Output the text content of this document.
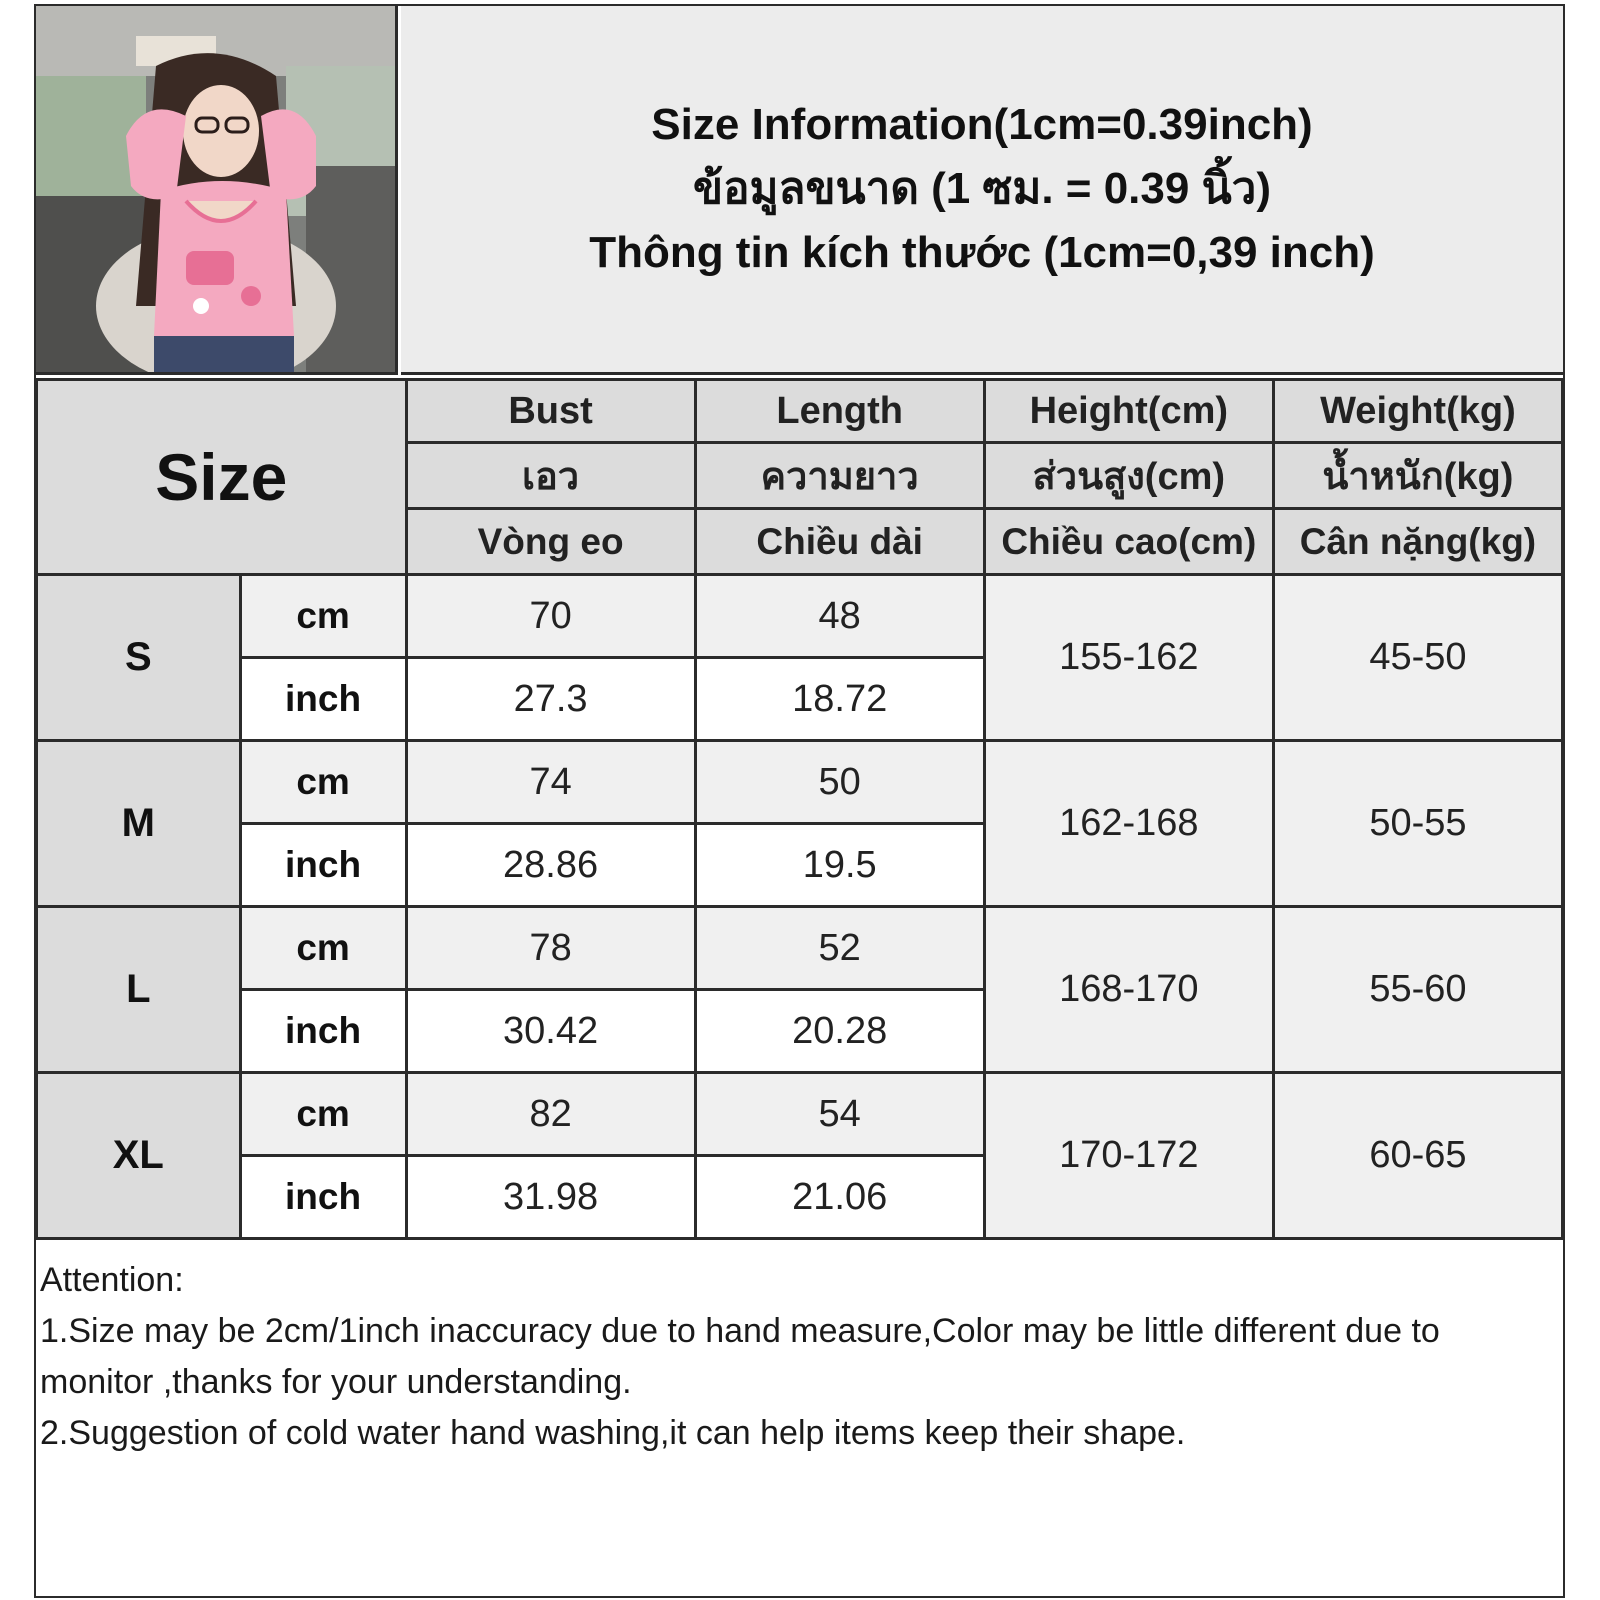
Size Information(1cm=0.39inch)
ข้อมูลขนาด (1 ซม. = 0.39 นิ้ว)
Thông tin kích thước (1cm=0,39 inch)
Size		Bust	Length	Height(cm)	Weight(kg)
		เอว	ความยาว	ส่วนสูง(cm)	น้ำหนัก(kg)
		Vòng eo	Chiều dài	Chiều cao(cm)	Cân nặng(kg)
S	cm	70	48	155-162	45-50
	inch	27.3	18.72		
M	cm	74	50	162-168	50-55
	inch	28.86	19.5		
L	cm	78	52	168-170	55-60
	inch	30.42	20.28		
XL	cm	82	54	170-172	60-65
	inch	31.98	21.06		

Attention:

1.Size may be 2cm/1inch inaccuracy due to hand measure,Color may be little different due to monitor ,thanks for your understanding.

2.Suggestion of cold water hand washing,it can help items keep their shape.
